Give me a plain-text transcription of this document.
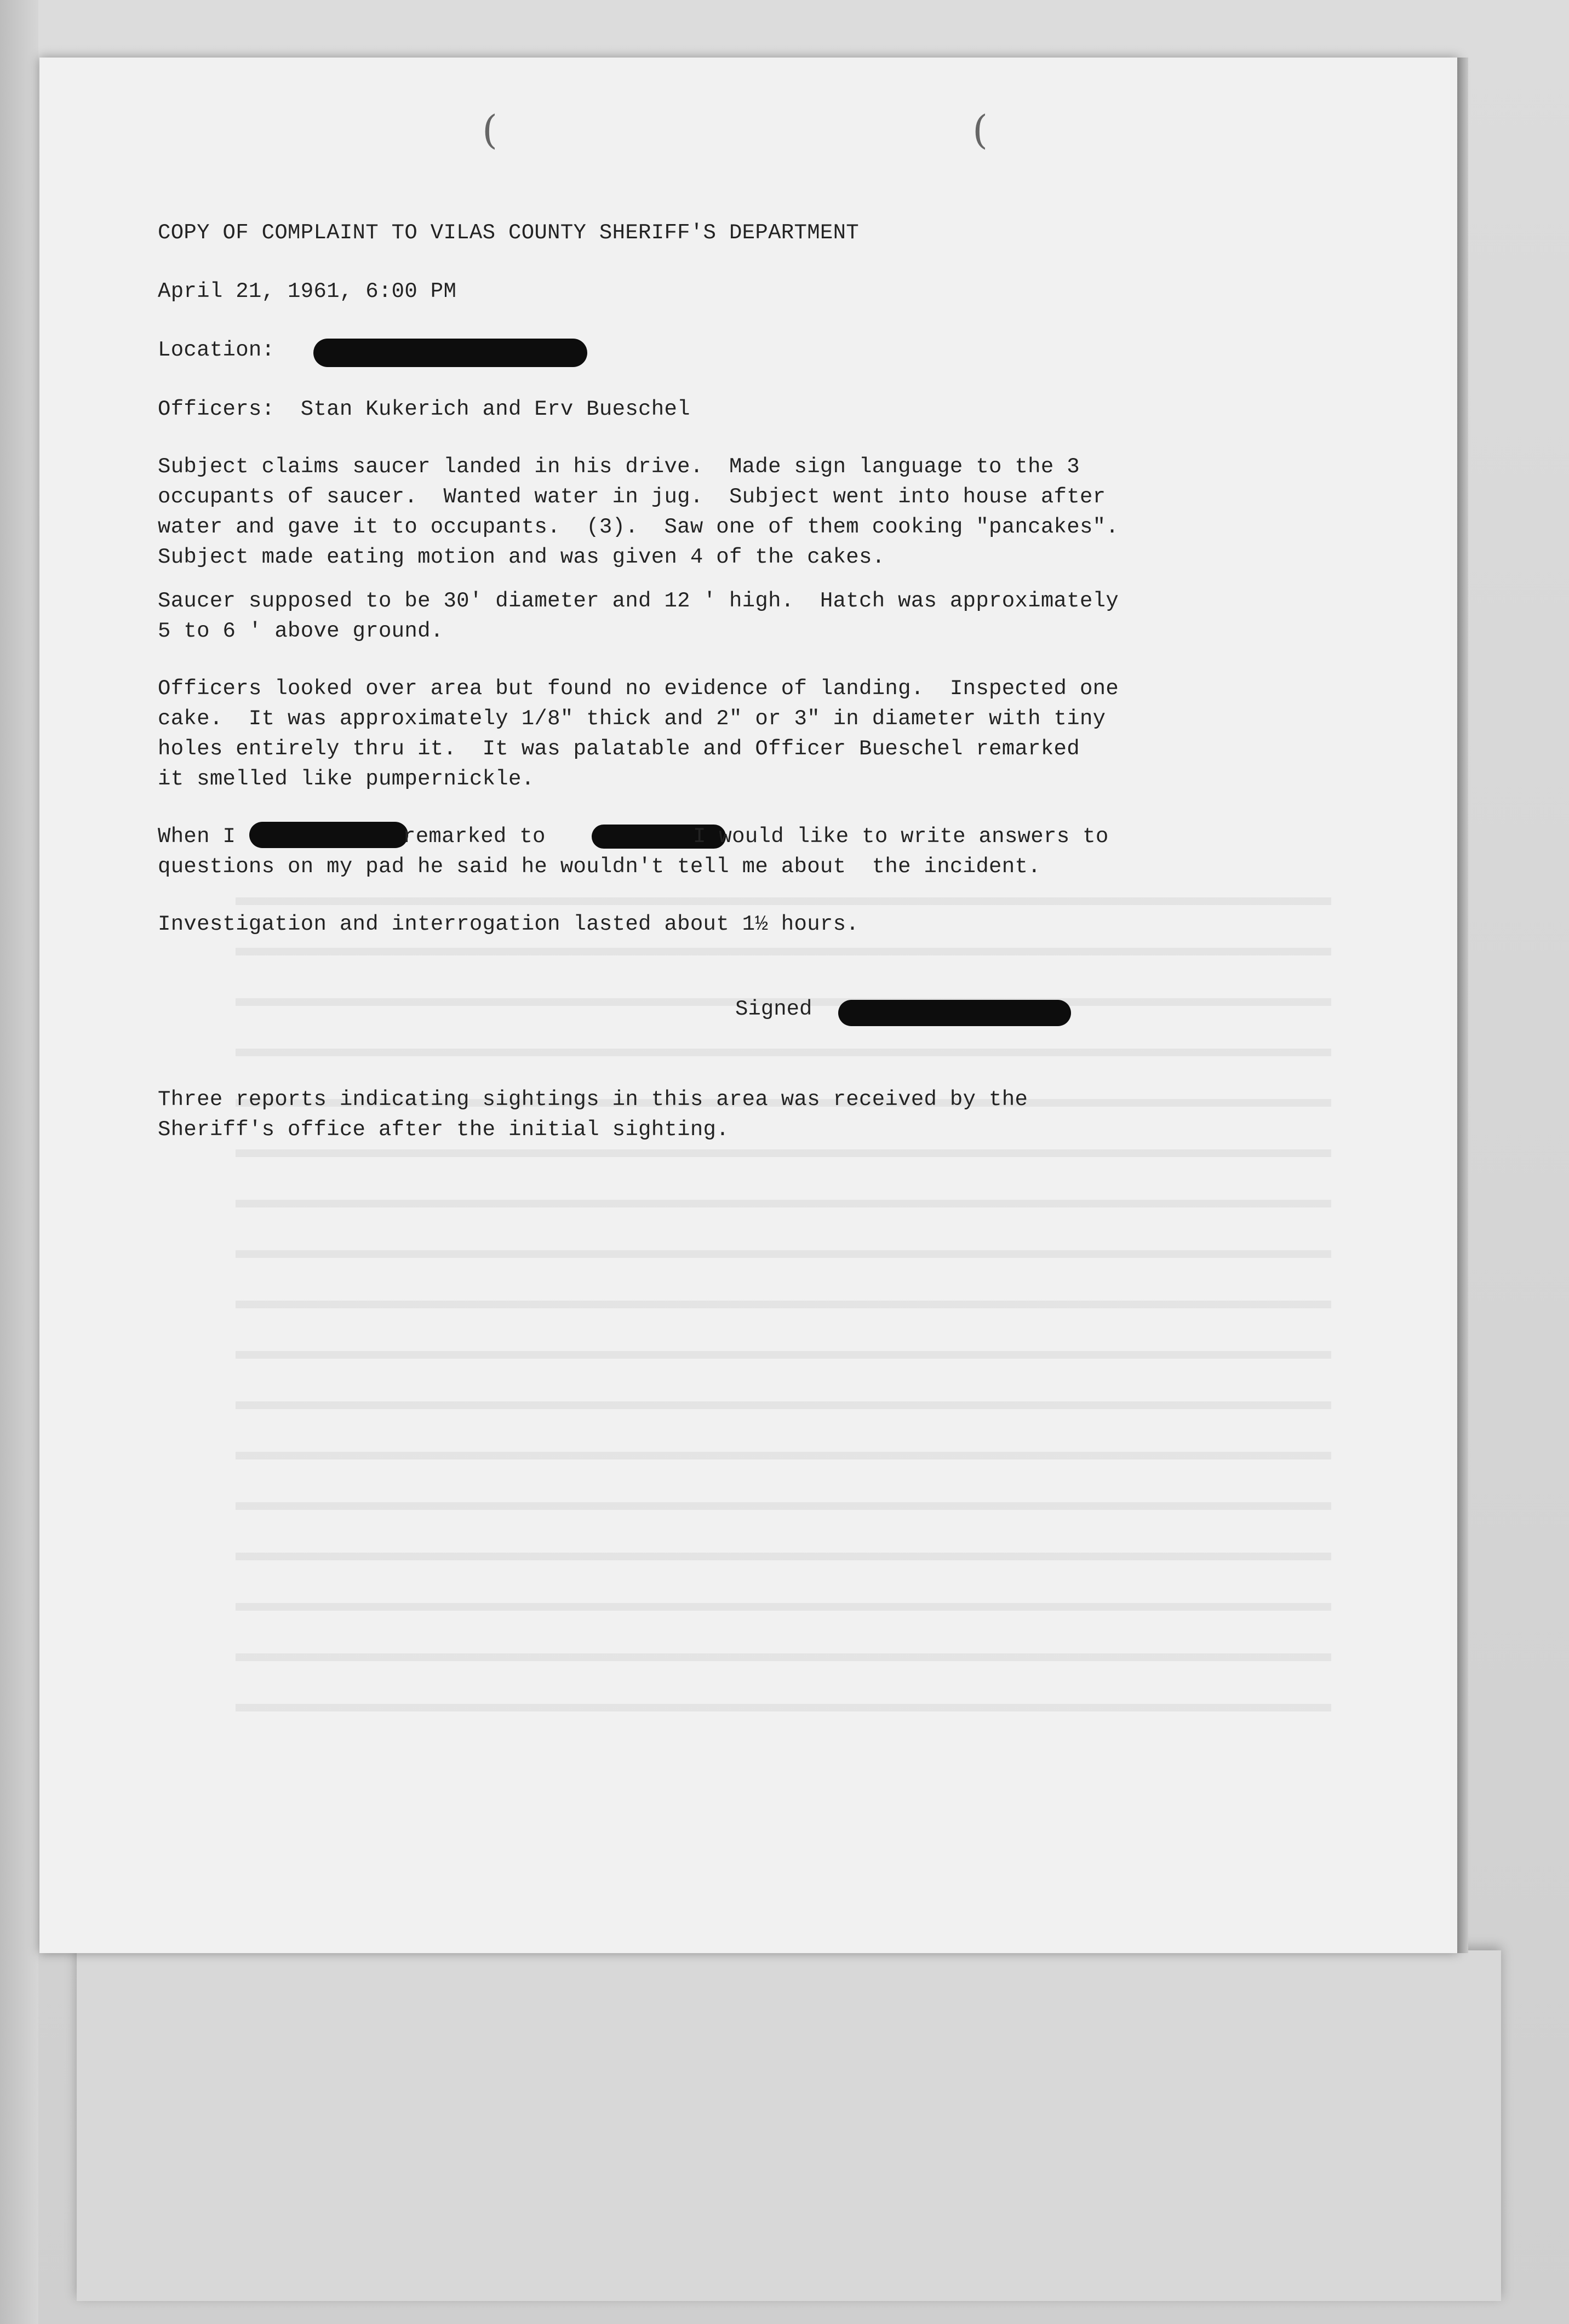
(	(
COPY OF COMPLAINT TO VILAS COUNTY SHERIFF'S DEPARTMENT
April 21, 1961, 6:00 PM
Location:
Officers:  Stan Kukerich and Erv Bueschel
Subject claims saucer landed in his drive.  Made sign language to the 3
occupants of saucer.  Wanted water in jug.  Subject went into house after
water and gave it to occupants.  (3).  Saw one of them cooking "pancakes".
Subject made eating motion and was given 4 of the cakes.
Saucer supposed to be 30' diameter and 12 ' high.  Hatch was approximately
5 to 6 ' above ground.
Officers looked over area but found no evidence of landing.  Inspected one
cake.  It was approximately 1/8" thick and 2" or 3" in diameter with tiny
holes entirely thru it.  It was palatable and Officer Bueschel remarked
it smelled like pumpernickle.
When I	remarked to	I would like to write answers to
questions on my pad he said he wouldn't tell me about  the incident.
Investigation and interrogation lasted about 1½ hours.
Signed
Three reports indicating sightings in this area was received by the
Sheriff's office after the initial sighting.
